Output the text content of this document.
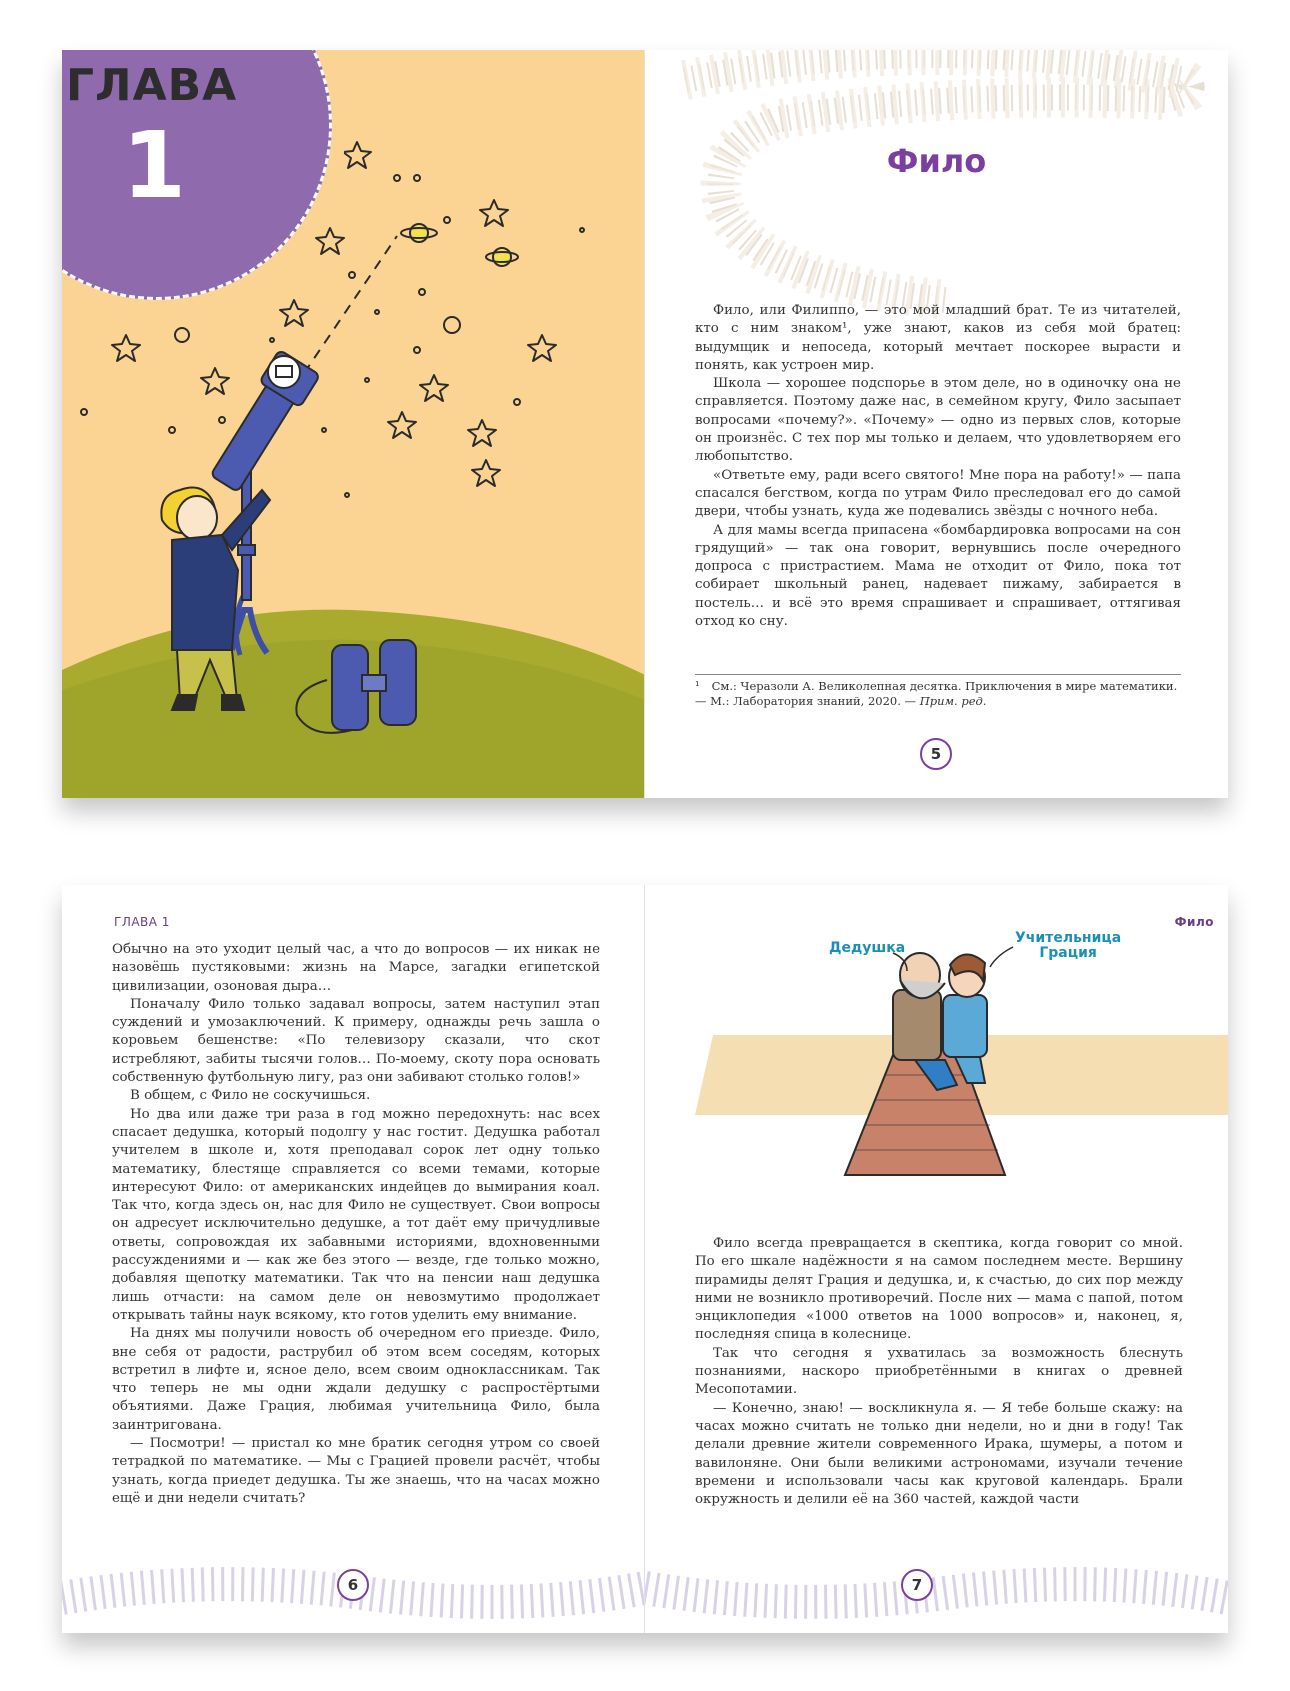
ГЛАВА
1	Фило

Фило, или Филиппо, — это мой младший брат. Те из читателей, кто с ним знаком¹, уже знают, каков из себя мой братец: выдумщик и непоседа, который мечтает поскорее вырасти и понять, как устроен мир.

Школа — хорошее подспорье в этом деле, но в одиночку она не справляется. Поэтому даже нас, в семейном кругу, Фило засыпает вопросами «почему?». «Почему» — одно из первых слов, которые он произнёс. С тех пор мы только и делаем, что удовлетворяем его любопытство.

«Ответьте ему, ради всего святого! Мне пора на работу!» — папа спасался бегством, когда по утрам Фило преследовал его до самой двери, чтобы узнать, куда же подевались звёзды с ночного неба.

А для мамы всегда припасена «бомбардировка вопросами на сон грядущий» — так она говорит, вернувшись после очередного допроса с пристрастием. Мама не отходит от Фило, пока тот собирает школьный ранец, надевает пижаму, забирается в постель… и всё это время спрашивает и спрашивает, оттягивая отход ко сну.

¹ См.: Черазоли А. Великолепная десятка. Приключения в мире математики. — М.: Лаборатория знаний, 2020. — Прим. ред.
5
ГЛАВА 1

Обычно на это уходит целый час, а что до вопросов — их никак не назовёшь пустяковыми: жизнь на Марсе, загадки египетской цивилизации, озоновая дыра…

Поначалу Фило только задавал вопросы, затем наступил этап суждений и умозаключений. К примеру, однажды речь зашла о коровьем бешенстве: «По телевизору сказали, что скот истребляют, забиты тысячи голов… По-моему, скоту пора основать собственную футбольную лигу, раз они забивают столько голов!»

В общем, с Фило не соскучишься.

Но два или даже три раза в год можно передохнуть: нас всех спасает дедушка, который подолгу у нас гостит. Дедушка работал учителем в школе и, хотя преподавал сорок лет одну только математику, блестяще справляется со всеми темами, которые интересуют Фило: от американских индейцев до вымирания коал. Так что, когда здесь он, нас для Фило не существует. Свои вопросы он адресует исключительно дедушке, а тот даёт ему причудливые ответы, сопровождая их забавными историями, вдохновенными рассуждениями и — как же без этого — везде, где только можно, добавляя щепотку математики. Так что на пенсии наш дедушка лишь отчасти: на самом деле он невозмутимо продолжает открывать тайны наук всякому, кто готов уделить ему внимание.

На днях мы получили новость об очередном его приезде. Фило, вне себя от радости, раструбил об этом всем соседям, которых встретил в лифте и, ясное дело, всем своим одноклассникам. Так что теперь не мы одни ждали дедушку с распростёртыми объятиями. Даже Грация, любимая учительница Фило, была заинтригована.

— Посмотри! — пристал ко мне братик сегодня утром со своей тетрадкой по математике. — Мы с Грацией провели расчёт, чтобы узнать, когда приедет дедушка. Ты же знаешь, что на часах можно ещё и дни недели считать?

6
Фило
Дедушка
Учительница
Грация

Фило всегда превращается в скептика, когда говорит со мной. По его шкале надёжности я на самом последнем месте. Вершину пирамиды делят Грация и дедушка, и, к счастью, до сих пор между ними не возникло противоречий. После них — мама с папой, потом энциклопедия «1000 ответов на 1000 вопросов» и, наконец, я, последняя спица в колеснице.

Так что сегодня я ухватилась за возможность блеснуть познаниями, наскоро приобретёнными в книгах о древней Месопотамии.

— Конечно, знаю! — воскликнула я. — Я тебе больше скажу: на часах можно считать не только дни недели, но и дни в году! Так делали древние жители современного Ирака, шумеры, а потом и вавилоняне. Они были великими астрономами, изучали течение времени и использовали часы как круговой календарь. Брали окружность и делили её на 360 частей, каждой части

7
